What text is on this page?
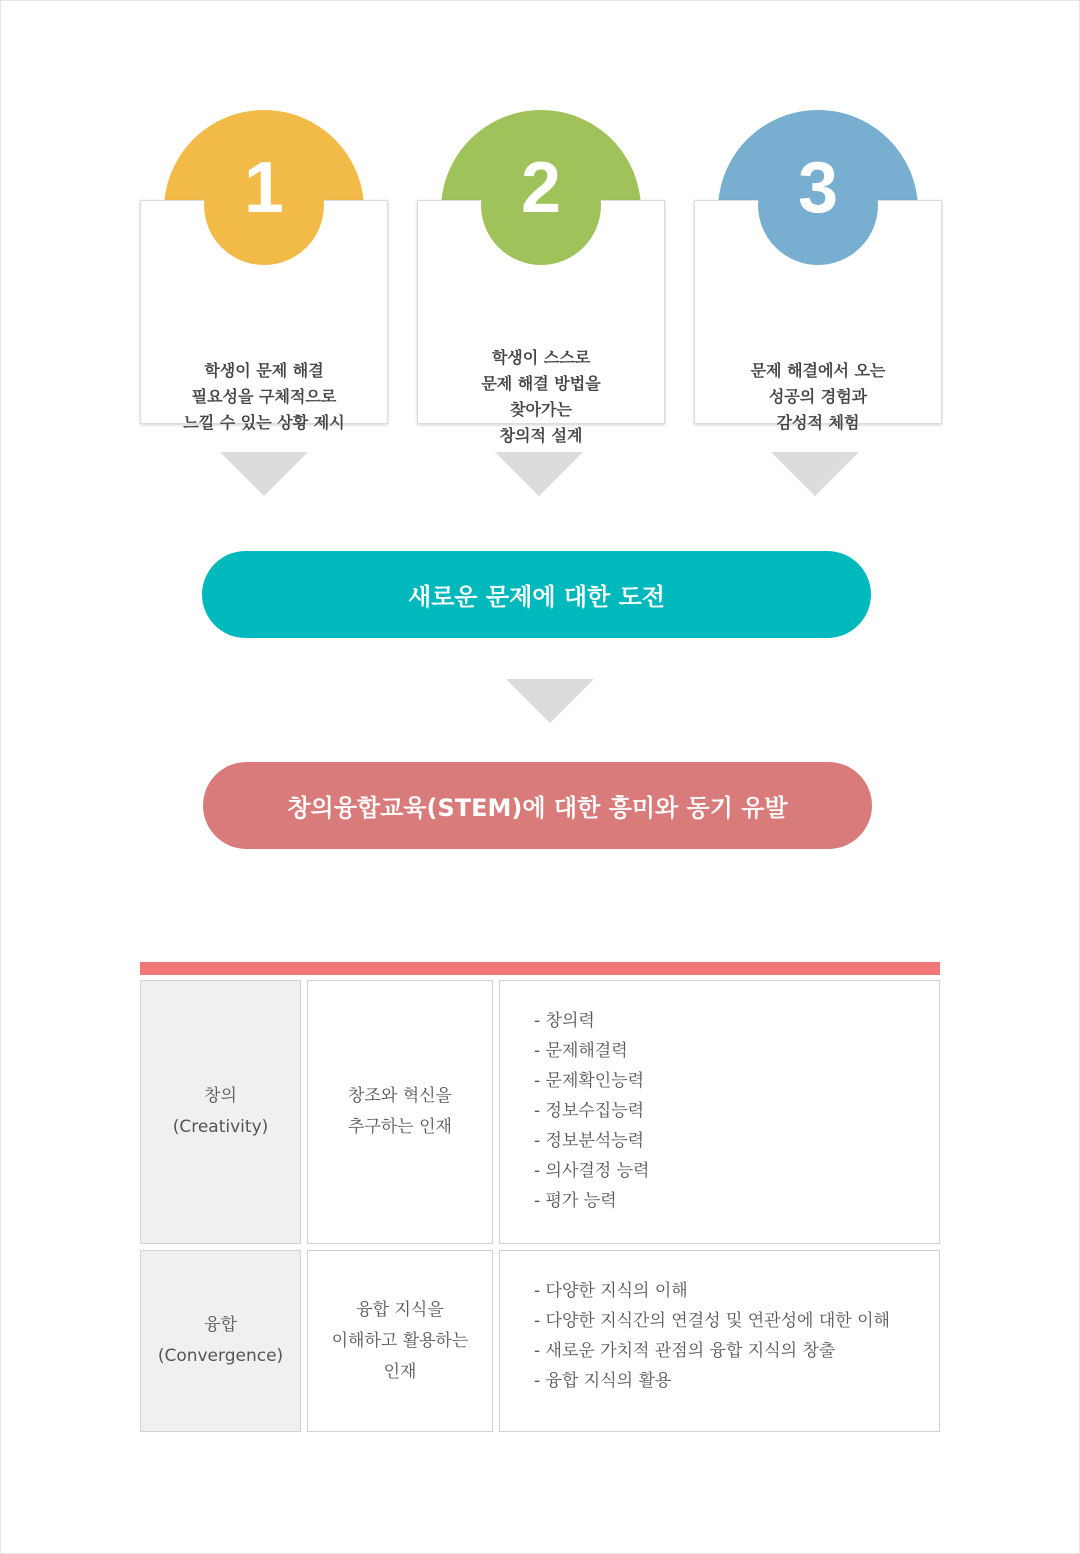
1
학생이 문제 해결
필요성을 구체적으로
느낄 수 있는 상황 제시
2
학생이 스스로
문제 해결 방법을
찾아가는
창의적 설계
3
문제 해결에서 오는
성공의 경험과
감성적 체험
새로운 문제에 대한 도전
창의융합교육(STEM)에 대한 흥미와 동기 유발
창의
(Creativity)
창조와 혁신을
추구하는 인재
- 창의력
- 문제해결력
- 문제확인능력
- 정보수집능력
- 정보분석능력
- 의사결정 능력
- 평가 능력
융합
(Convergence)
융합 지식을
이해하고 활용하는
인재
- 다양한 지식의 이해
- 다양한 지식간의 연결성 및 연관성에 대한 이해
- 새로운 가치적 관점의 융합 지식의 창출
- 융합 지식의 활용
